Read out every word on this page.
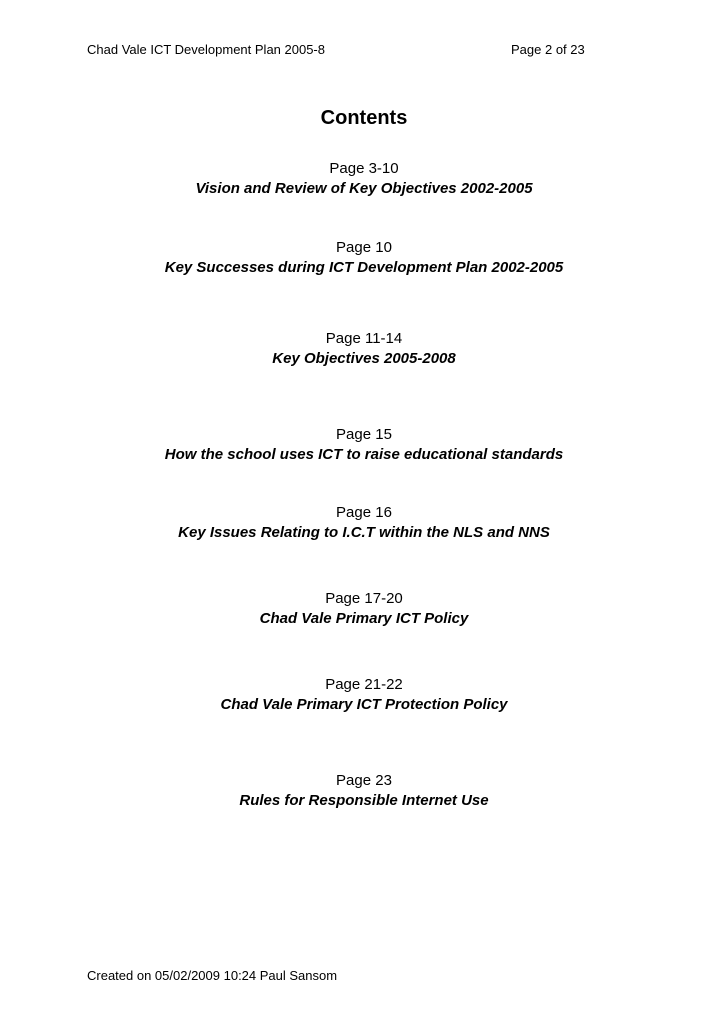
Chad Vale ICT Development Plan 2005-8	Page 2 of 23
Contents
Page 3-10
Vision and Review of Key Objectives 2002-2005
Page 10
Key Successes during ICT Development Plan 2002-2005
Page 11-14
Key Objectives 2005-2008
Page 15
How the school uses ICT to raise educational standards
Page 16
Key Issues Relating to I.C.T within the NLS and NNS
Page 17-20
Chad Vale Primary ICT Policy
Page 21-22
Chad Vale Primary ICT Protection Policy
Page 23
Rules for Responsible Internet Use
Created on 05/02/2009 10:24 Paul Sansom
